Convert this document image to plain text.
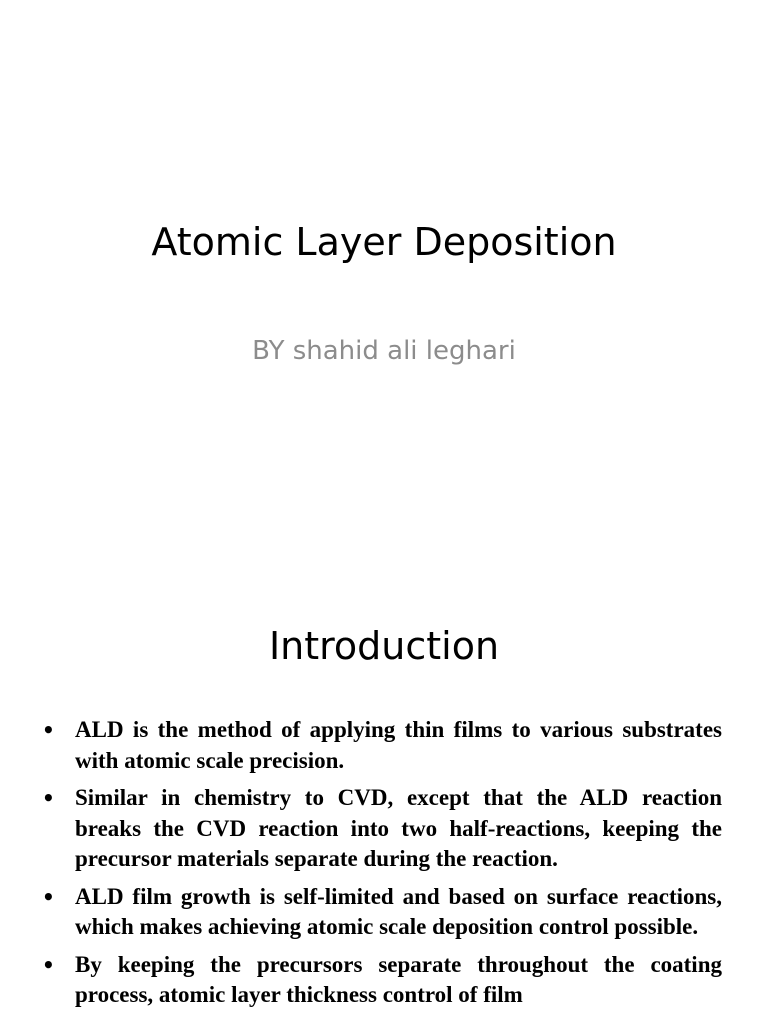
Atomic Layer Deposition

BY shahid ali leghari

Introduction
• ALD is the method of applying thin films to various substrates with atomic scale precision.
• Similar in chemistry to CVD, except that the ALD reaction breaks the CVD reaction into two half-reactions, keeping the precursor materials separate during the reaction.
• ALD film growth is self-limited and based on surface reactions, which makes achieving atomic scale deposition control possible.
• By keeping the precursors separate throughout the coating process, atomic layer thickness control of film
